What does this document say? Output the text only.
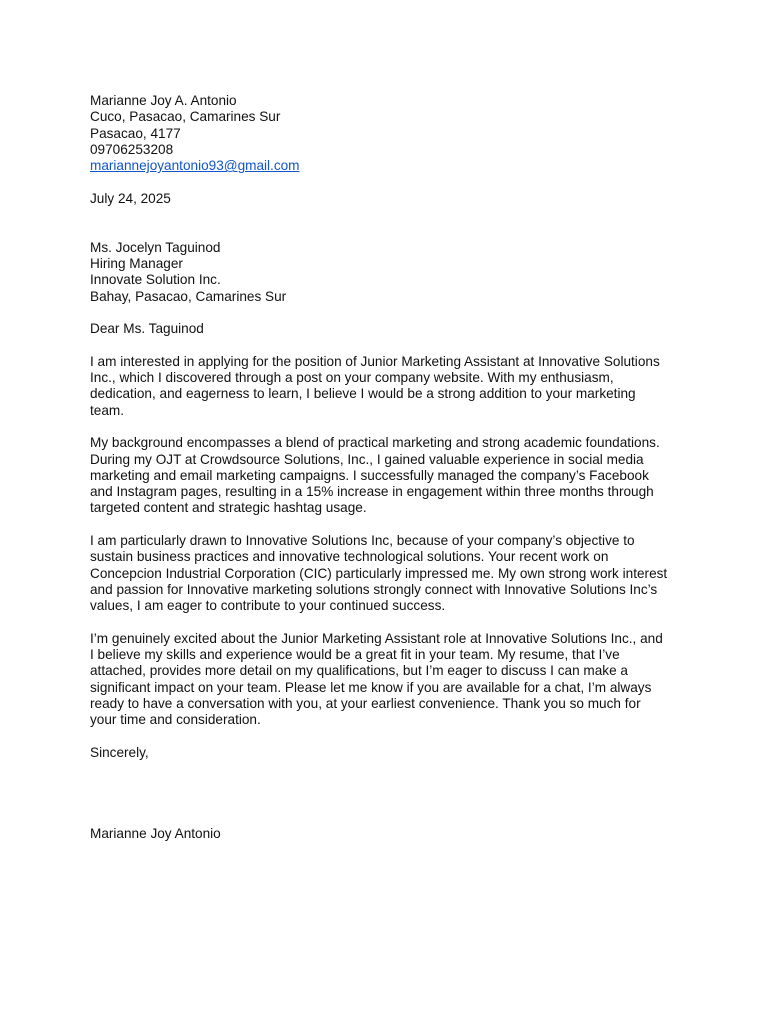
Marianne Joy A. Antonio
Cuco, Pasacao, Camarines Sur
Pasacao, 4177
09706253208
mariannejoyantonio93@gmail.com
July 24, 2025
Ms. Jocelyn Taguinod
Hiring Manager
Innovate Solution Inc.
Bahay, Pasacao, Camarines Sur
Dear Ms. Taguinod
I am interested in applying for the position of Junior Marketing Assistant at Innovative Solutions
Inc., which I discovered through a post on your company website. With my enthusiasm,
dedication, and eagerness to learn, I believe I would be a strong addition to your marketing
team.
My background encompasses a blend of practical marketing and strong academic foundations.
During my OJT at Crowdsource Solutions, Inc., I gained valuable experience in social media
marketing and email marketing campaigns. I successfully managed the company’s Facebook
and Instagram pages, resulting in a 15% increase in engagement within three months through
targeted content and strategic hashtag usage.
I am particularly drawn to Innovative Solutions Inc, because of your company’s objective to
sustain business practices and innovative technological solutions. Your recent work on
Concepcion Industrial Corporation (CIC) particularly impressed me. My own strong work interest
and passion for Innovative marketing solutions strongly connect with Innovative Solutions Inc’s
values, I am eager to contribute to your continued success.
I’m genuinely excited about the Junior Marketing Assistant role at Innovative Solutions Inc., and
I believe my skills and experience would be a great fit in your team. My resume, that I’ve
attached, provides more detail on my qualifications, but I’m eager to discuss I can make a
significant impact on your team. Please let me know if you are available for a chat, I’m always
ready to have a conversation with you, at your earliest convenience. Thank you so much for
your time and consideration.
Sincerely,
Marianne Joy Antonio
